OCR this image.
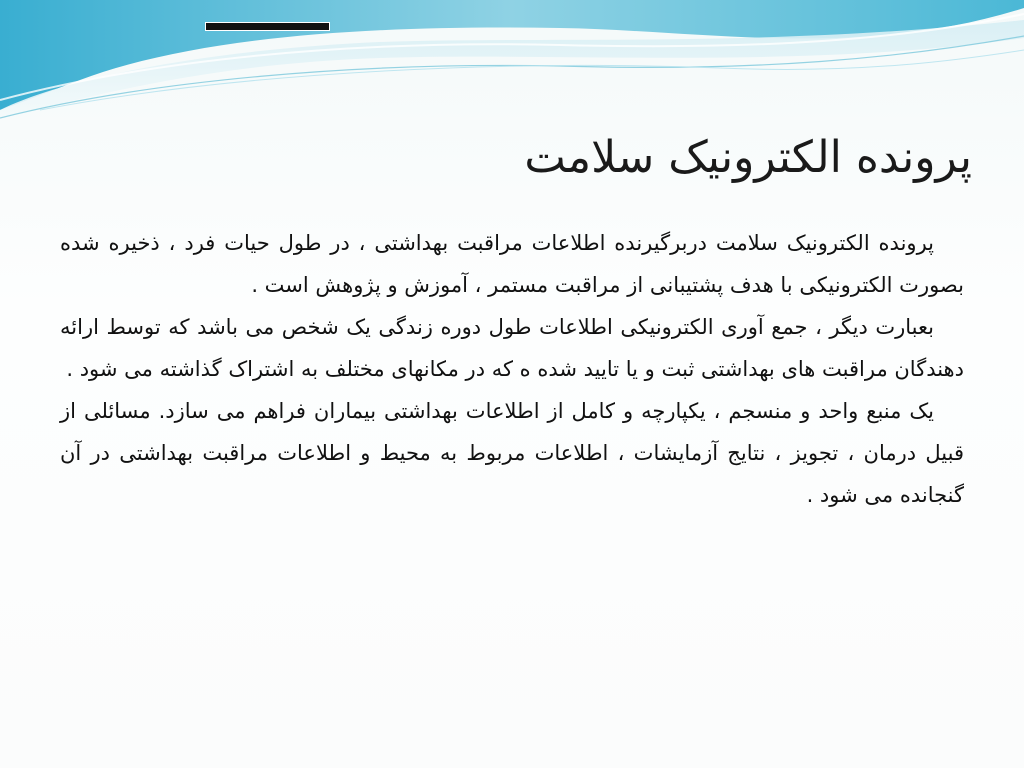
پرونده الکترونیک سلامت

پرونده الکترونیک سلامت دربرگیرنده اطلاعات مراقبت بهداشتی ، در طول حیات فرد ، ذخیره شده بصورت الکترونیکی با هدف پشتیبانی از مراقبت مستمر ، آموزش و پژوهش است .

بعبارت دیگر ، جمع آوری الکترونیکی اطلاعات طول دوره زندگی یک شخص می باشد که توسط ارائه دهندگان مراقبت های بهداشتی ثبت و یا تایید شده ه که در مکانهای مختلف به اشتراک گذاشته می شود .

یک منبع واحد و منسجم ، یکپارچه و کامل از اطلاعات بهداشتی بیماران فراهم می سازد. مسائلی از قبیل درمان ، تجویز ، نتایج آزمایشات ، اطلاعات مربوط به محیط و اطلاعات مراقبت بهداشتی در آن گنجانده می شود .
